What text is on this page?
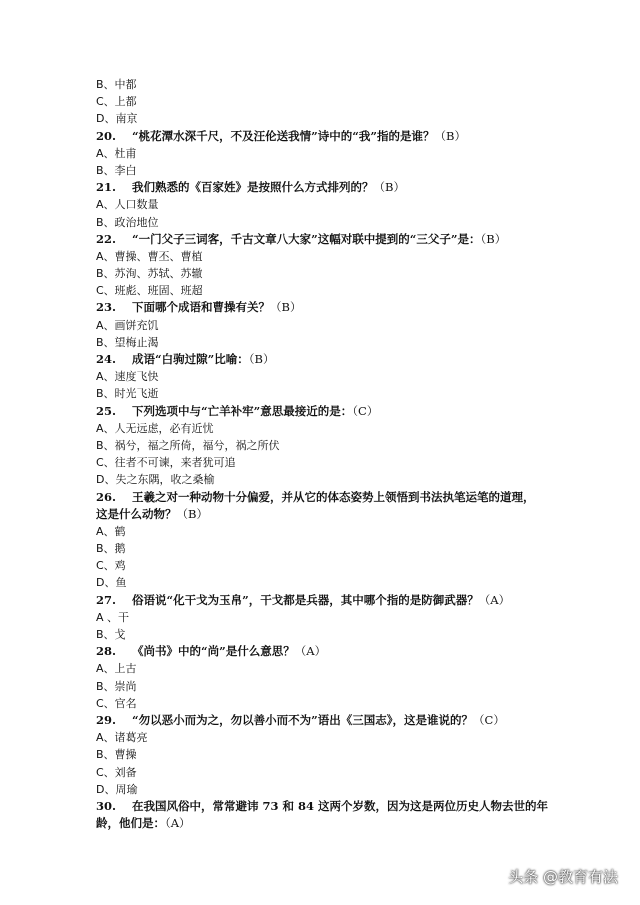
B、中都
C、上都
D、南京
20. “桃花潭水深千尺，不及汪伦送我情”诗中的“我”指的是谁？（B）
A、杜甫
B、李白
21. 我们熟悉的《百家姓》是按照什么方式排列的？（B）
A、人口数量
B、政治地位
22. “一门父子三词客，千古文章八大家”这幅对联中提到的“三父子”是：（B）
A、曹操、曹丕、曹植
B、苏洵、苏轼、苏辙
C、班彪、班固、班超
23. 下面哪个成语和曹操有关？（B）
A、画饼充饥
B、望梅止渴
24. 成语“白驹过隙”比喻：（B）
A、速度飞快
B、时光飞逝
25. 下列选项中与“亡羊补牢”意思最接近的是：（C）
A、人无远虑，必有近忧
B、祸兮，福之所倚，福兮，祸之所伏
C、往者不可谏，来者犹可追
D、失之东隅，收之桑榆
26. 王羲之对一种动物十分偏爱，并从它的体态姿势上领悟到书法执笔运笔的道理，
这是什么动物？（B）
A、鹤
B、鹅
C、鸡
D、鱼
27. 俗语说“化干戈为玉帛”，干戈都是兵器，其中哪个指的是防御武器？（A）
A 、干
B、戈
28. 《尚书》中的“尚”是什么意思？（A）
A、上古
B、崇尚
C、官名
29. “勿以恶小而为之，勿以善小而不为”语出《三国志》，这是谁说的？（C）
A、诸葛亮
B、曹操
C、刘备
D、周瑜
30. 在我国风俗中，常常避讳 73 和 84 这两个岁数，因为这是两位历史人物去世的年
龄，他们是：（A）
头条 @教育有法
